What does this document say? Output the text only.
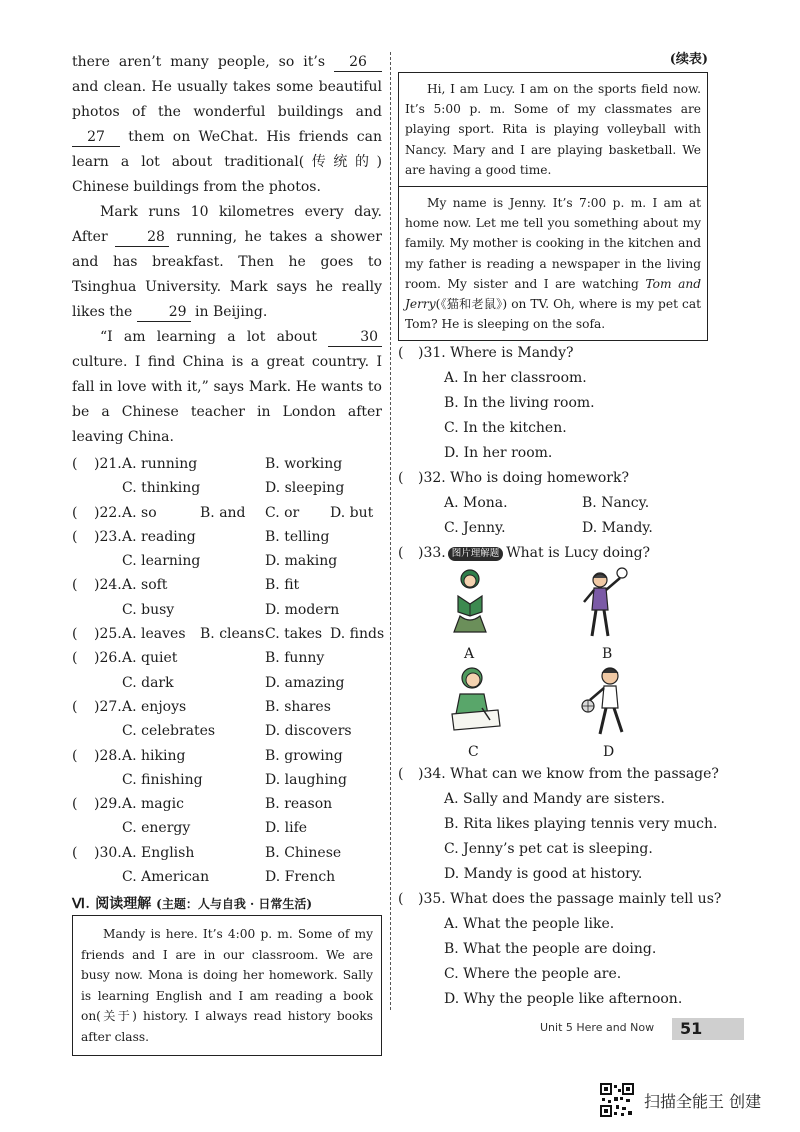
there aren’t many people, so it’s 26 and clean. He usually takes some beautiful photos of the wonderful buildings and 27 them on WeChat. His friends can learn a lot about traditional(传统的) Chinese buildings from the photos.

Mark runs 10 kilometres every day. After	28 running, he takes a shower and has breakfast. Then he goes to Tsinghua University. Mark says he really likes the	29 in Beijing.

“I am learning a lot about	30 culture. I find China is a great country. I fall in love with it,” says Mark. He wants to be a Chinese teacher in London after leaving China.

( )21. A. running	B. working
C. thinking	D. sleeping
( )22. A. so	B. and C. or D. but
( )23. A. reading	B. telling
C. learning	D. making
( )24. A. soft	B. fit
C. busy	D. modern
( )25. A. leaves B. cleans C. takes D. finds
( )26. A. quiet	B. funny
C. dark	D. amazing
( )27. A. enjoys	B. shares
C. celebrates	D. discovers
( )28. A. hiking	B. growing
C. finishing	D. laughing
( )29. A. magic	B. reason
C. energy	D. life
( )30. A. English	B. Chinese
C. American	D. French
Ⅵ. 阅读理解 (主题：人与自我 · 日常生活)

Mandy is here. It’s 4:00 p. m. Some of my friends and I are in our classroom. We are busy now. Mona is doing her homework. Sally is learning English and I am reading a book on(关于) history. I always read history books after class.

(续表)

Hi, I am Lucy. I am on the sports field now. It’s 5:00 p. m. Some of my classmates are playing sport. Rita is playing volleyball with Nancy. Mary and I are playing basketball. We are having a good time.

My name is Jenny. It’s 7:00 p. m. I am at home now. Let me tell you something about my family. My mother is cooking in the kitchen and my father is reading a newspaper in the living room. My sister and I are watching Tom and Jerry(《猫和老鼠》) on TV. Oh, where is my pet cat Tom? He is sleeping on the sofa.

( )31. Where is Mandy?
A. In her classroom.
B. In the living room.
C. In the kitchen.
D. In her room.
( )32. Who is doing homework?
A. Mona.	B. Nancy.
C. Jenny.	D. Mandy.
( )33. 图片理解题 What is Lucy doing?
A	B
C	D
( )34. What can we know from the passage?
A. Sally and Mandy are sisters.
B. Rita likes playing tennis very much.
C. Jenny’s pet cat is sleeping.
D. Mandy is good at history.
( )35. What does the passage mainly tell us?
A. What the people like.
B. What the people are doing.
C. Where the people are.
D. Why the people like afternoon.
Unit 5 Here and Now	51
扫描全能王 创建
